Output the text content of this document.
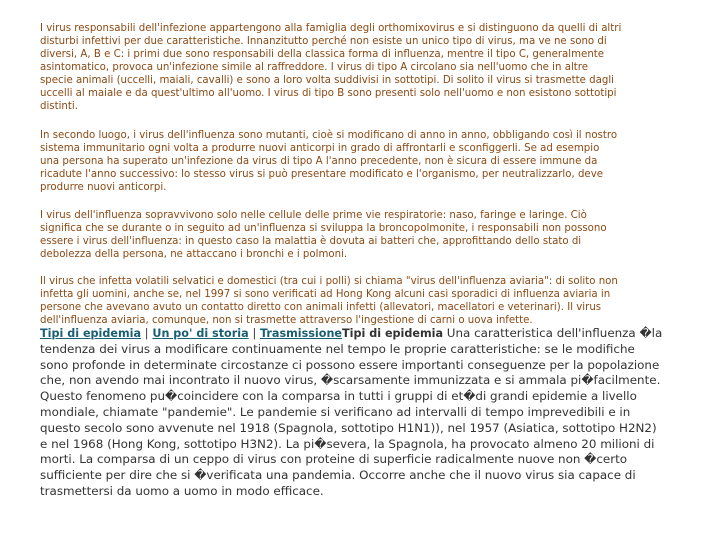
I virus responsabili dell'infezione appartengono alla famiglia degli orthomixovirus e si distinguono da quelli di altri
disturbi infettivi per due caratteristiche. Innanzitutto perché non esiste un unico tipo di virus, ma ve ne sono di
diversi, A, B e C: i primi due sono responsabili della classica forma di influenza, mentre il tipo C, generalmente
asintomatico, provoca un'infezione simile al raffreddore. I virus di tipo A circolano sia nell'uomo che in altre
specie animali (uccelli, maiali, cavalli) e sono a loro volta suddivisi in sottotipi. Di solito il virus si trasmette dagli
uccelli al maiale e da quest'ultimo all'uomo. I virus di tipo B sono presenti solo nell'uomo e non esistono sottotipi
distinti.

In secondo luogo, i virus dell'influenza sono mutanti, cioè si modificano di anno in anno, obbligando così il nostro
sistema immunitario ogni volta a produrre nuovi anticorpi in grado di affrontarli e sconfiggerli. Se ad esempio
una persona ha superato un'infezione da virus di tipo A l'anno precedente, non è sicura di essere immune da
ricadute l'anno successivo: lo stesso virus si può presentare modificato e l'organismo, per neutralizzarlo, deve
produrre nuovi anticorpi.

I virus dell'influenza sopravvivono solo nelle cellule delle prime vie respiratorie: naso, faringe e laringe. Ciò
significa che se durante o in seguito ad un'influenza si sviluppa la broncopolmonite, i responsabili non possono
essere i virus dell'influenza: in questo caso la malattia è dovuta ai batteri che, approfittando dello stato di
debolezza della persona, ne attaccano i bronchi e i polmoni.

Il virus che infetta volatili selvatici e domestici (tra cui i polli) si chiama "virus dell'influenza aviaria": di solito non
infetta gli uomini, anche se, nel 1997 si sono verificati ad Hong Kong alcuni casi sporadici di influenza aviaria in
persone che avevano avuto un contatto diretto con animali infetti (allevatori, macellatori e veterinari). Il virus
dell'influenza aviaria, comunque, non si trasmette attraverso l'ingestione di carni o uova infette.

Tipi di epidemia | Un po' di storia | TrasmissioneTipi di epidemia Una caratteristica dell'influenza �la
tendenza dei virus a modificare continuamente nel tempo le proprie caratteristiche: se le modifiche
sono profonde in determinate circostanze ci possono essere importanti conseguenze per la popolazione
che, non avendo mai incontrato il nuovo virus, �scarsamente immunizzata e si ammala pi�facilmente.
Questo fenomeno pu�coincidere con la comparsa in tutti i gruppi di et�di grandi epidemie a livello
mondiale, chiamate "pandemie". Le pandemie si verificano ad intervalli di tempo imprevedibili e in
questo secolo sono avvenute nel 1918 (Spagnola, sottotipo H1N1)), nel 1957 (Asiatica, sottotipo H2N2)
e nel 1968 (Hong Kong, sottotipo H3N2). La pi�severa, la Spagnola, ha provocato almeno 20 milioni di
morti. La comparsa di un ceppo di virus con proteine di superficie radicalmente nuove non �certo
sufficiente per dire che si �verificata una pandemia. Occorre anche che il nuovo virus sia capace di

trasmettersi da uomo a uomo in modo efficace.
